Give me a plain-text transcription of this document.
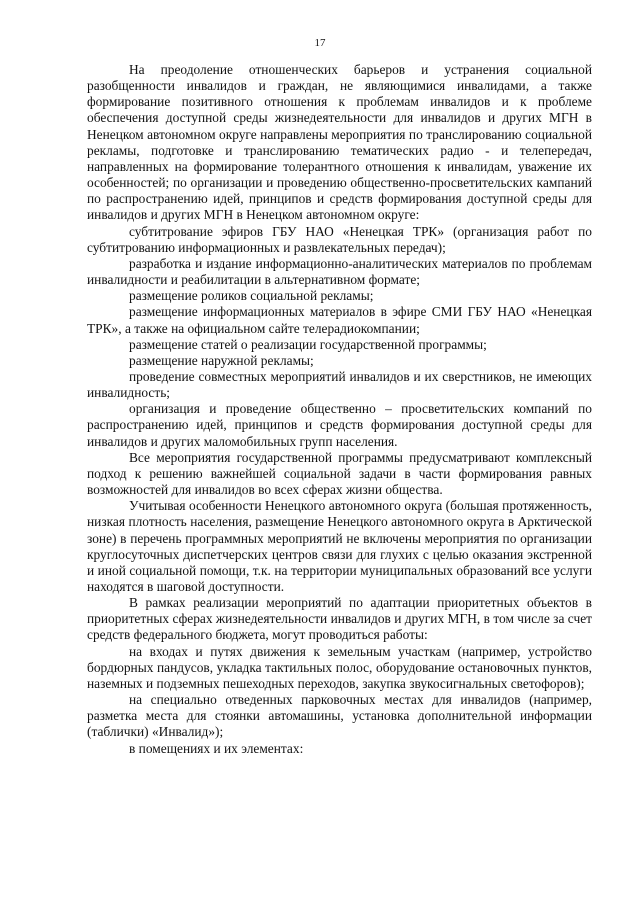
17

На преодоление отношенческих барьеров и устранения социальной разобщенности инвалидов и граждан, не являющимися инвалидами, а также формирование позитивного отношения к проблемам инвалидов и к проблеме обеспечения доступной среды жизнедеятельности для инвалидов и других МГН в Ненецком автономном округе направлены мероприятия по транслированию социальной рекламы, подготовке и транслированию тематических радио - и телепередач, направленных на формирование толерантного отношения к инвалидам, уважение их особенностей; по организации и проведению общественно-просветительских кампаний по распространению идей, принципов и средств формирования доступной среды для инвалидов и других МГН в Ненецком автономном округе:

субтитрование эфиров ГБУ НАО «Ненецкая ТРК» (организация работ по субтитрованию информационных и развлекательных передач);

разработка и издание информационно-аналитических материалов по проблемам инвалидности и реабилитации в альтернативном формате;

размещение роликов социальной рекламы;

размещение информационных материалов в эфире СМИ ГБУ НАО «Ненецкая ТРК», а также на официальном сайте телерадиокомпании;

размещение статей о реализации государственной программы;

размещение наружной рекламы;

проведение совместных мероприятий инвалидов и их сверстников, не имеющих инвалидность;

организация и проведение общественно – просветительских компаний по распространению идей, принципов и средств формирования доступной среды для инвалидов и других маломобильных групп населения.

Все мероприятия государственной программы предусматривают комплексный подход к решению важнейшей социальной задачи в части формирования равных возможностей для инвалидов во всех сферах жизни общества.

Учитывая особенности Ненецкого автономного округа (большая протяженность, низкая плотность населения, размещение Ненецкого автономного округа в Арктической зоне) в перечень программных мероприятий не включены мероприятия по организации круглосуточных диспетчерских центров связи для глухих с целью оказания экстренной и иной социальной помощи, т.к. на территории муниципальных образований все услуги находятся в шаговой доступности.

В рамках реализации мероприятий по адаптации приоритетных объектов в приоритетных сферах жизнедеятельности инвалидов и других МГН, в том числе за счет средств федерального бюджета, могут проводиться работы:

на входах и путях движения к земельным участкам (например, устройство бордюрных пандусов, укладка тактильных полос, оборудование остановочных пунктов, наземных и подземных пешеходных переходов, закупка звукосигнальных светофоров);

на специально отведенных парковочных местах для инвалидов (например, разметка места для стоянки автомашины, установка дополнительной информации (таблички) «Инвалид»);

в помещениях и их элементах:
